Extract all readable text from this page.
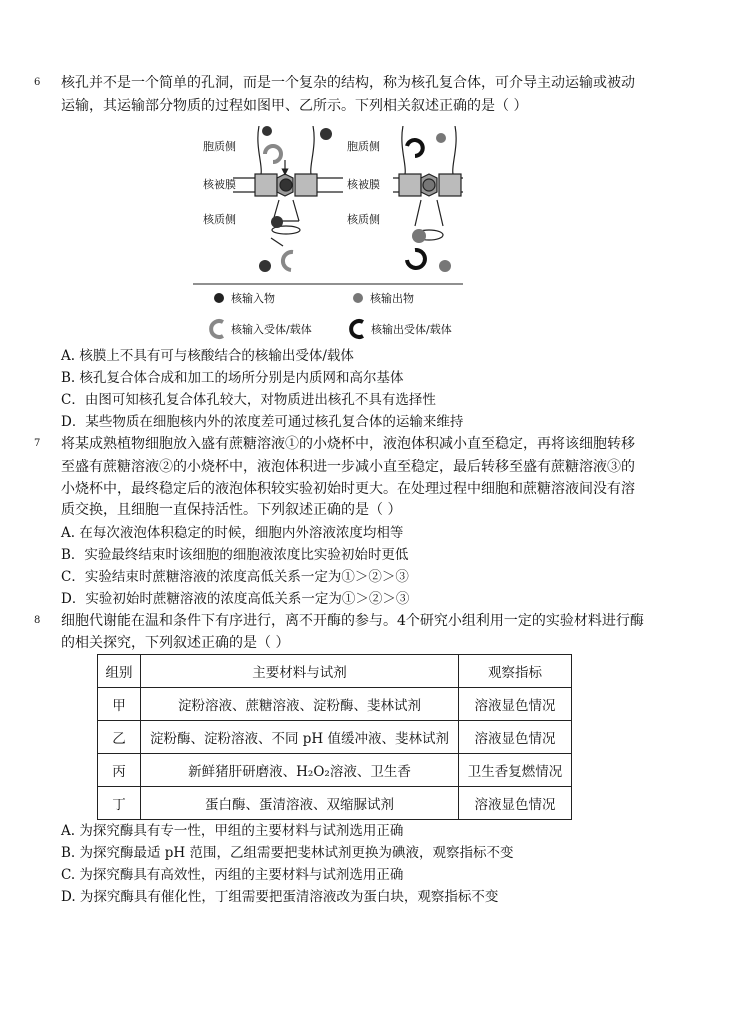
6 核孔并不是一个简单的孔洞，而是一个复杂的结构，称为核孔复合体，可介导主动运输或被动
运输，其运输部分物质的过程如图甲、乙所示。下列相关叙述正确的是（ ）
胞质侧
核被膜
核质侧
胞质侧
核被膜
核质侧
核输入物	核输出物
核输入受体/载体	核输出受体/载体
A. 核膜上不具有可与核酸结合的核输出受体/载体
B. 核孔复合体合成和加工的场所分别是内质网和高尔基体
C．由图可知核孔复合体孔较大，对物质进出核孔不具有选择性
D．某些物质在细胞核内外的浓度差可通过核孔复合体的运输来维持
7 将某成熟植物细胞放入盛有蔗糖溶液①的小烧杯中，液泡体积减小直至稳定，再将该细胞转移
至盛有蔗糖溶液②的小烧杯中，液泡体积进一步减小直至稳定，最后转移至盛有蔗糖溶液③的
小烧杯中，最终稳定后的液泡体积较实验初始时更大。在处理过程中细胞和蔗糖溶液间没有溶
质交换，且细胞一直保持活性。下列叙述正确的是（ ）
A. 在每次液泡体积稳定的时候，细胞内外溶液浓度均相等
B．实验最终结束时该细胞的细胞液浓度比实验初始时更低
C．实验结束时蔗糖溶液的浓度高低关系一定为①＞②＞③
D．实验初始时蔗糖溶液的浓度高低关系一定为①＞②＞③
8 细胞代谢能在温和条件下有序进行，离不开酶的参与。4个研究小组利用一定的实验材料进行酶
的相关探究，下列叙述正确的是（ ）
组别	主要材料与试剂	观察指标
甲	淀粉溶液、蔗糖溶液、淀粉酶、斐林试剂	溶液显色情况
乙	淀粉酶、淀粉溶液、不同 pH 值缓冲液、斐林试剂	溶液显色情况
丙	新鲜猪肝研磨液、H₂O₂溶液、卫生香	卫生香复燃情况
丁	蛋白酶、蛋清溶液、双缩脲试剂	溶液显色情况
A. 为探究酶具有专一性，甲组的主要材料与试剂选用正确
B. 为探究酶最适 pH 范围，乙组需要把斐林试剂更换为碘液，观察指标不变
C. 为探究酶具有高效性，丙组的主要材料与试剂选用正确
D. 为探究酶具有催化性，丁组需要把蛋清溶液改为蛋白块，观察指标不变
